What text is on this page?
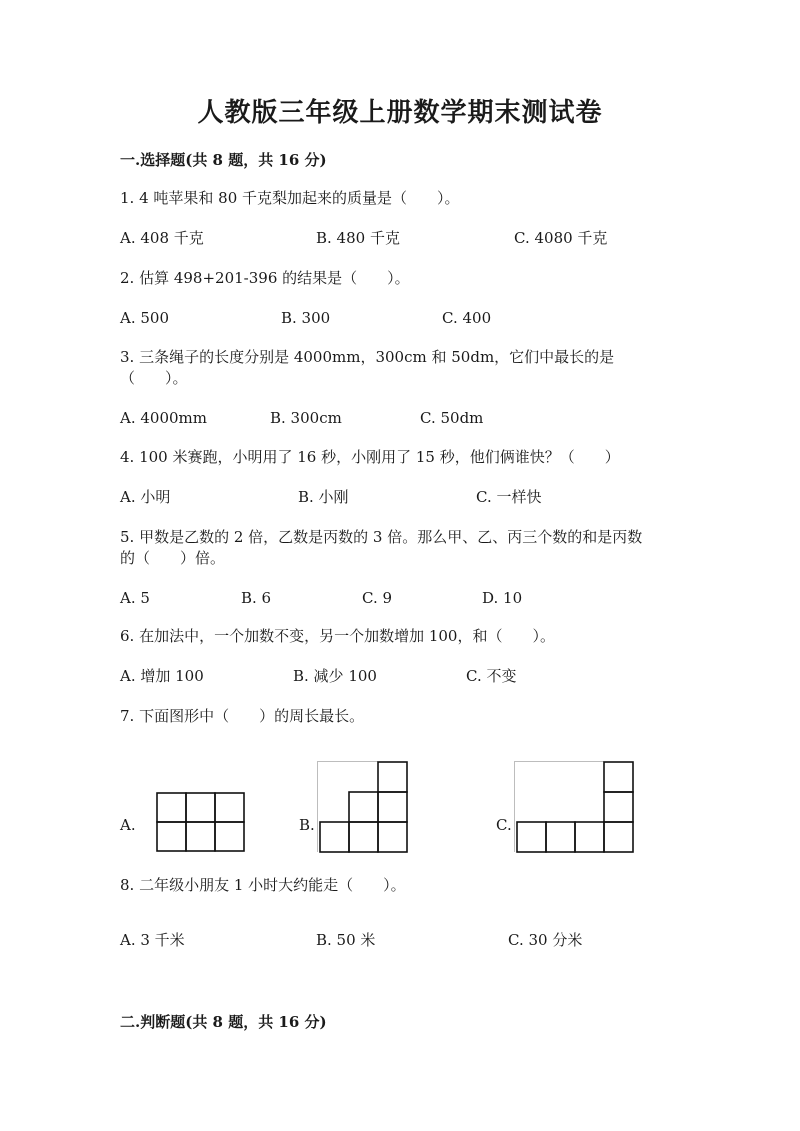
人教版三年级上册数学期末测试卷
一.选择题(共 8 题，共 16 分)
1. 4 吨苹果和 80 千克梨加起来的质量是（　　）。
A. 408 千克	B. 480 千克	C. 4080 千克
2. 估算 498+201-396 的结果是（　　）。
A. 500	B. 300	C. 400
3. 三条绳子的长度分别是 4000mm，300cm 和 50dm，它们中最长的是
（　　）。
A. 4000mm	B. 300cm	C. 50dm
4. 100 米赛跑，小明用了 16 秒，小刚用了 15 秒，他们俩谁快？（　　）
A. 小明	B. 小刚	C. 一样快
5. 甲数是乙数的 2 倍，乙数是丙数的 3 倍。那么甲、乙、丙三个数的和是丙数
的（　　）倍。
A. 5	B. 6	C. 9	D. 10
6. 在加法中，一个加数不变，另一个加数增加 100，和（　　）。
A. 增加 100	B. 减少 100	C. 不变
7. 下面图形中（　　）的周长最长。
A.	B.	C.
8. 二年级小朋友 1 小时大约能走（　　）。
A. 3 千米	B. 50 米	C. 30 分米
二.判断题(共 8 题，共 16 分)
